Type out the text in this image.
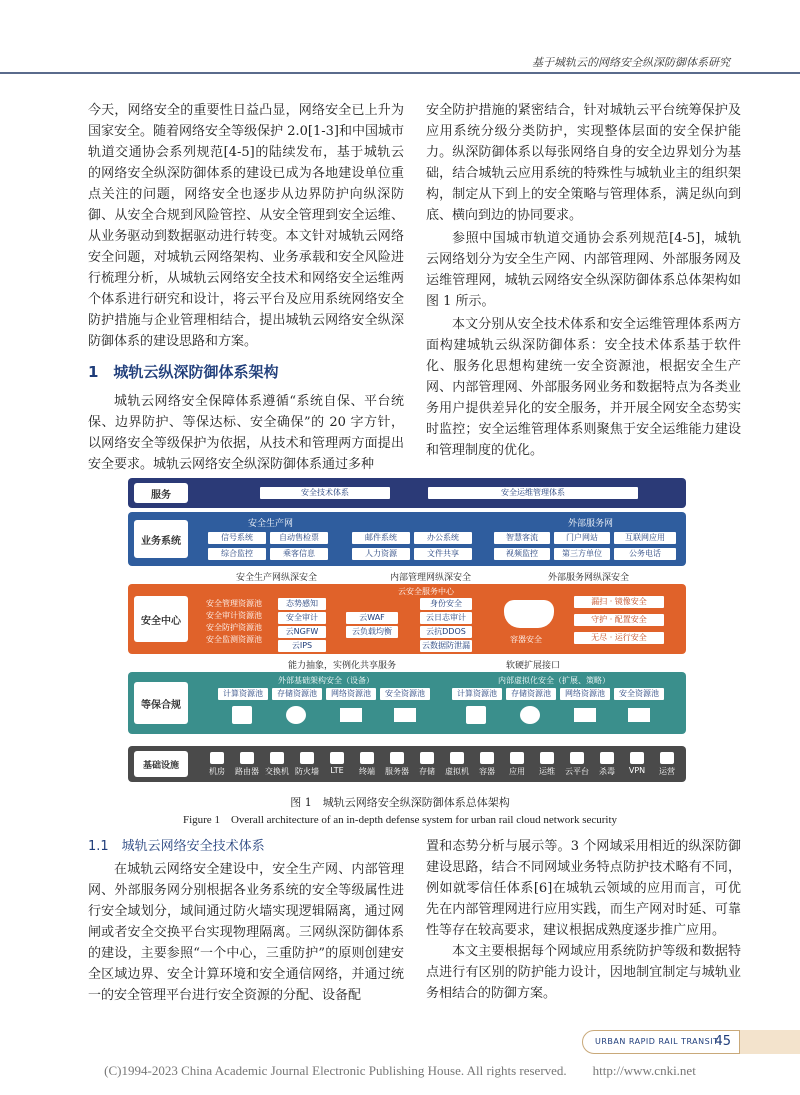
基于城轨云的网络安全纵深防御体系研究

今天，网络安全的重要性日益凸显，网络安全已上升为国家安全。随着网络安全等级保护 2.0[1-3]和中国城市轨道交通协会系列规范[4-5]的陆续发布，基于城轨云的网络安全纵深防御体系的建设已成为各地建设单位重点关注的问题，网络安全也逐步从边界防护向纵深防御、从安全合规到风险管控、从安全管理到安全运维、从业务驱动到数据驱动进行转变。本文针对城轨云网络安全问题，对城轨云网络架构、业务承载和安全风险进行梳理分析，从城轨云网络安全技术和网络安全运维两个体系进行研究和设计，将云平台及应用系统网络安全防护措施与企业管理相结合，提出城轨云网络安全纵深防御体系的建设思路和方案。

1　城轨云纵深防御体系架构

城轨云网络安全保障体系遵循“系统自保、平台统保、边界防护、等保达标、安全确保”的 20 字方针，以网络安全等级保护为依据，从技术和管理两方面提出安全要求。城轨云网络安全纵深防御体系通过多种

安全防护措施的紧密结合，针对城轨云平台统筹保护及应用系统分级分类防护，实现整体层面的安全保护能力。纵深防御体系以每张网络自身的安全边界划分为基础，结合城轨云应用系统的特殊性与城轨业主的组织架构，制定从下到上的安全策略与管理体系，满足纵向到底、横向到边的协同要求。

参照中国城市轨道交通协会系列规范[4-5]，城轨云网络划分为安全生产网、内部管理网、外部服务网及运维管理网，城轨云网络安全纵深防御体系总体架构如图 1 所示。

本文分别从安全技术体系和安全运维管理体系两方面构建城轨云纵深防御体系：安全技术体系基于软件化、服务化思想构建统一安全资源池，根据安全生产网、内部管理网、外部服务网业务和数据特点为各类业务用户提供差异化的安全服务，并开展全网安全态势实时监控；安全运维管理体系则聚焦于安全运维能力建设和管理制度的优化。

服务	安全技术体系	安全运维管理体系
业务系统
安全生产网	外部服务网
信号系统	自动售检票
综合监控	乘客信息
邮件系统	办公系统
人力资源	文件共享
智慧客流	门户网站	互联网应用
视频监控	第三方单位	公务电话
安全生产网纵深安全	内部管理网纵深安全	外部服务网纵深安全
安全中心
安全管理资源池
安全审计资源池
安全防护资源池
安全监测资源池
云安全服务中心
态势感知
安全审计
云NGFW
云IPS
云WAF
云负载均衡
身份安全
云日志审计
云抗DDOS
云数据防泄漏
容器安全
漏扫 · 镜像安全
守护 · 配置安全
无尽 · 运行安全
能力抽象，实例化共享服务	软硬扩展接口
等保合规
外部基础架构安全（设备）	内部虚拟化安全（扩展、策略）
计算资源池	存储资源池	网络资源池	安全资源池	计算资源池	存储资源池	网络资源池	安全资源池
基础设施
机房	路由器 交换机 防火墙	LTE	终端	服务器	存储	虚拟机	容器	应用	运维	云平台	杀毒	VPN	运营
图 1　城轨云网络安全纵深防御体系总体架构
Figure 1　Overall architecture of an in-depth defense system for urban rail cloud network security
1.1　城轨云网络安全技术体系

在城轨云网络安全建设中，安全生产网、内部管理网、外部服务网分别根据各业务系统的安全等级属性进行安全域划分，域间通过防火墙实现逻辑隔离，通过网闸或者安全交换平台实现物理隔离。三网纵深防御体系的建设，主要参照“一个中心，三重防护”的原则创建安全区域边界、安全计算环境和安全通信网络，并通过统一的安全管理平台进行安全资源的分配、设备配

置和态势分析与展示等。3 个网域采用相近的纵深防御建设思路，结合不同网域业务特点防护技术略有不同，例如就零信任体系[6]在城轨云领域的应用而言，可优先在内部管理网进行应用实践，而生产网对时延、可靠性等存在较高要求，建议根据成熟度逐步推广应用。

本文主要根据每个网域应用系统防护等级和数据特点进行有区别的防护能力设计，因地制宜制定与城轨业务相结合的防御方案。

URBAN RAPID RAIL TRANSIT
45
(C)1994-2023 China Academic Journal Electronic Publishing House. All rights reserved.　　http://www.cnki.net
